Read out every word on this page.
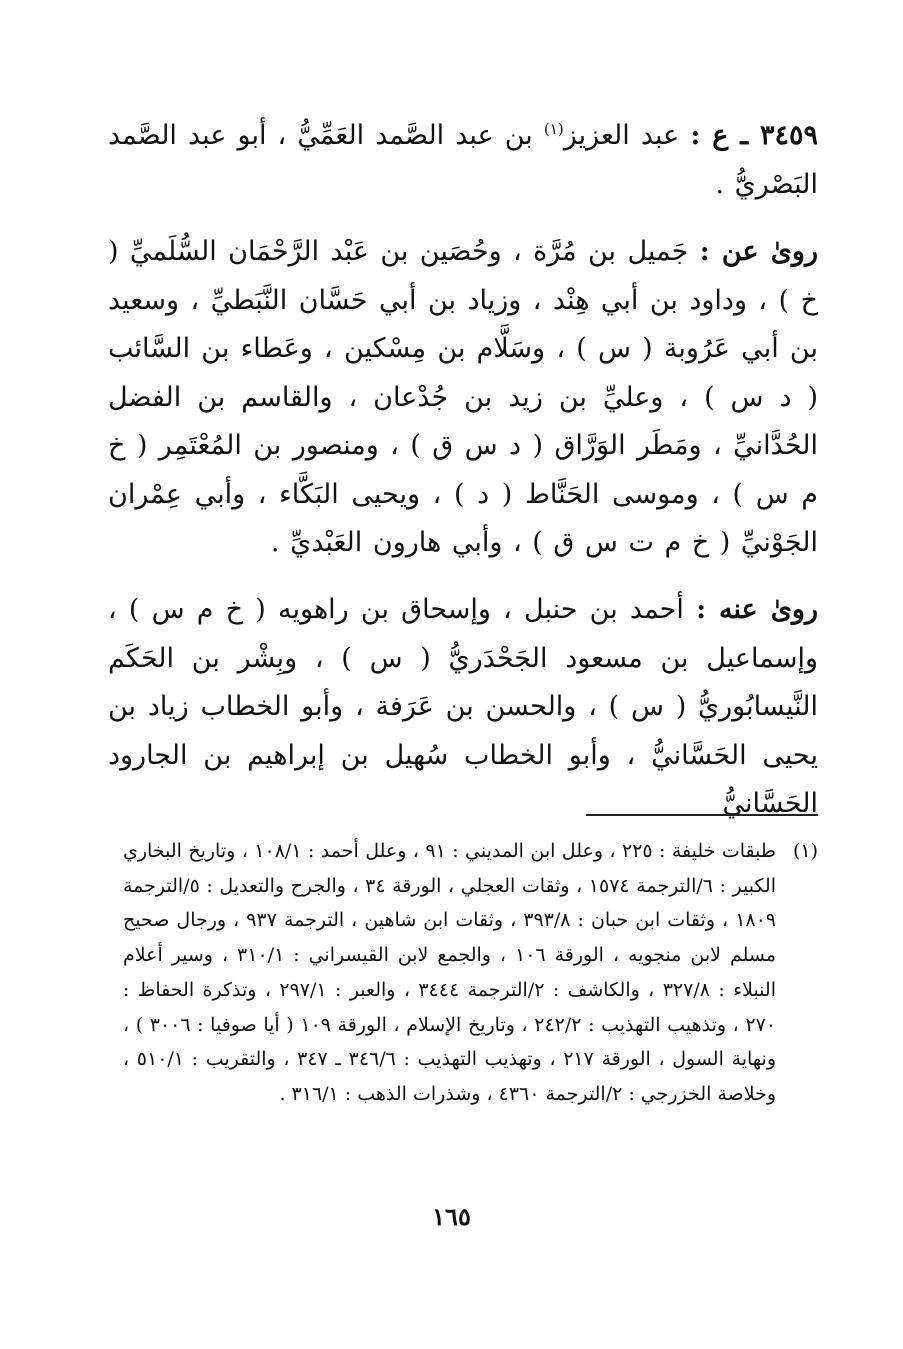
٣٤٥٩ ـ ع : عبد العزيز$^{(١)}$ بن عبد الصَّمد العَمِّيُّ ، أبو عبد الصَّمد البَصْريُّ .

روىٰ عن : جَميل بن مُرَّة ، وحُصَين بن عَبْد الرَّحْمَان السُّلَميِّ ( خ ) ، وداود بن أبي هِنْد ، وزياد بن أبي حَسَّان النَّبَطيِّ ، وسعيد بن أبي عَرُوبة ( س ) ، وسَلَّام بن مِسْكين ، وعَطاء بن السَّائب ( د س ) ، وعليِّ بن زيد بن جُدْعان ، والقاسم بن الفضل الحُدَّانيِّ ، ومَطَر الوَرَّاق ( د س ق ) ، ومنصور بن المُعْتَمِر ( خ م س ) ، وموسى الحَنَّاط ( د ) ، ويحيى البَكَّاء ، وأبي عِمْران الجَوْنيِّ ( خ م ت س ق ) ، وأبي هارون العَبْديِّ .

روىٰ عنه : أحمد بن حنبل ، وإسحاق بن راهويه ( خ م س ) ، وإسماعيل بن مسعود الجَحْدَريُّ ( س ) ، وبِشْر بن الحَكَم النَّيسابُوريُّ ( س ) ، والحسن بن عَرَفة ، وأبو الخطاب زياد بن يحيى الحَسَّانيُّ ، وأبو الخطاب سُهيل بن إبراهيم بن الجارود الحَسَّانيُّ

(١)
طبقات خليفة : ٢٢٥ ، وعلل ابن المديني : ٩١ ، وعلل أحمد : ١٠٨/١ ، وتاريخ البخاري الكبير : ٦/الترجمة ١٥٧٤ ، وثقات العجلي ، الورقة ٣٤ ، والجرح والتعديل : ٥/الترجمة ١٨٠٩ ، وثقات ابن حبان : ٣٩٣/٨ ، وثقات ابن شاهين ، الترجمة ٩٣٧ ، ورجال صحيح مسلم لابن منجويه ، الورقة ١٠٦ ، والجمع لابن القيسراني : ٣١٠/١ ، وسير أعلام النبلاء : ٣٢٧/٨ ، والكاشف : ٢/الترجمة ٣٤٤٤ ، والعبر : ٢٩٧/١ ، وتذكرة الحفاظ : ٢٧٠ ، وتذهيب التهذيب : ٢٤٢/٢ ، وتاريخ الإسلام ، الورقة ١٠٩ ( أيا صوفيا : ٣٠٠٦ ) ، ونهاية السول ، الورقة ٢١٧ ، وتهذيب التهذيب : ٣٤٦/٦ ـ ٣٤٧ ، والتقريب : ٥١٠/١ ، وخلاصة الخزرجي : ٢/الترجمة ٤٣٦٠ ، وشذرات الذهب : ٣١٦/١ .
١٦٥
